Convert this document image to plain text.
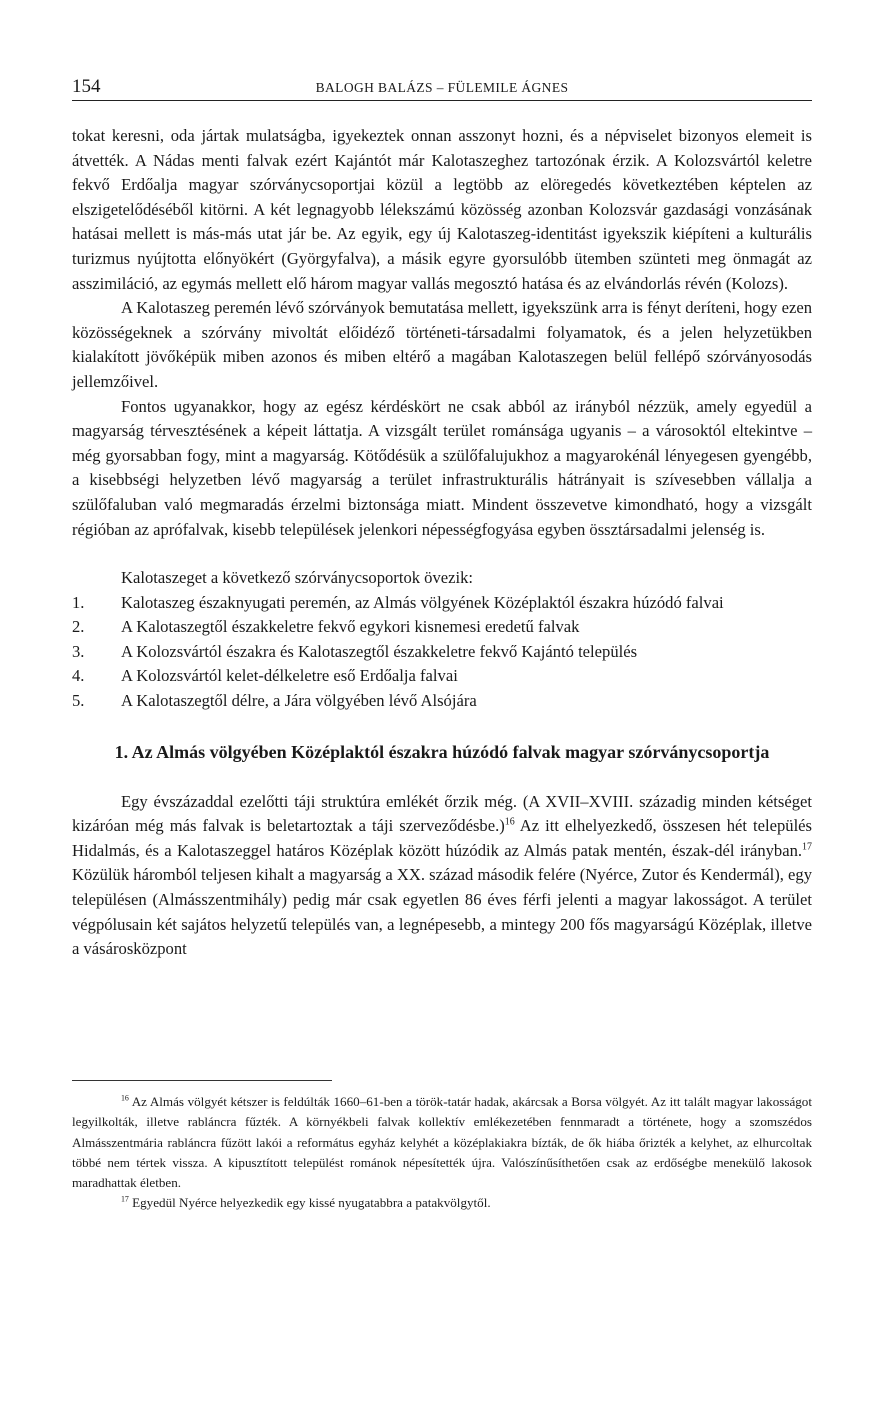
154	BALOGH BALÁZS – FÜLEMILE ÁGNES

tokat keresni, oda jártak mulatságba, igyekeztek onnan asszonyt hozni, és a népviselet bizonyos elemeit is átvették. A Nádas menti falvak ezért Kajántót már Kalotaszeghez tartozónak érzik. A Kolozsvártól keletre fekvő Erdőalja magyar szórványcsoportjai közül a legtöbb az elöregedés következtében képtelen az elszigetelődéséből kitörni. A két legnagyobb lélekszámú közösség azonban Kolozsvár gazdasági vonzásának hatásai mellett is más-más utat jár be. Az egyik, egy új Kalotaszeg-identitást igyekszik kiépíteni a kulturális turizmus nyújtotta előnyökért (Györgyfalva), a másik egyre gyorsulóbb ütemben szünteti meg önmagát az asszimiláció, az egymás mellett elő három magyar vallás megosztó hatása és az elvándorlás révén (Kolozs).

A Kalotaszeg peremén lévő szórványok bemutatása mellett, igyekszünk arra is fényt deríteni, hogy ezen közösségeknek a szórvány mivoltát előidéző történeti-társadalmi folyamatok, és a jelen helyzetükben kialakított jövőképük miben azonos és miben eltérő a magában Kalotaszegen belül fellépő szórványosodás jellemzőivel.

Fontos ugyanakkor, hogy az egész kérdéskört ne csak abból az irányból nézzük, amely egyedül a magyarság térvesztésének a képeit láttatja. A vizsgált terület románsága ugyanis – a városoktól eltekintve – még gyorsabban fogy, mint a magyarság. Kötődésük a szülőfalujukhoz a magyarokénál lényegesen gyengébb, a kisebbségi helyzetben lévő magyarság a terület infrastrukturális hátrányait is szívesebben vállalja a szülőfaluban való megmaradás érzelmi biztonsága miatt. Mindent összevetve kimondható, hogy a vizsgált régióban az aprófalvak, kisebb települések jelenkori népességfogyása egyben össztársadalmi jelenség is.

Kalotaszeget a következő szórványcsoportok övezik:

1. Kalotaszeg északnyugati peremén, az Almás völgyének Középlaktól északra húzódó falvai
2. A Kalotaszegtől északkeletre fekvő egykori kisnemesi eredetű falvak
3. A Kolozsvártól északra és Kalotaszegtől északkeletre fekvő Kajántó település
4. A Kolozsvártól kelet-délkeletre eső Erdőalja falvai
5. A Kalotaszegtől délre, a Jára völgyében lévő Alsójára
1. Az Almás völgyében Középlaktól északra húzódó falvak magyar szórványcsoportja

Egy évszázaddal ezelőtti táji struktúra emlékét őrzik még. (A XVII–XVIII. századig minden kétséget kizáróan még más falvak is beletartoztak a táji szerveződésbe.)$^{16}$ Az itt elhelyezkedő, összesen hét település Hidalmás, és a Kalotaszeggel határos Középlak között húzódik az Almás patak mentén, észak-dél irányban.$^{17}$ Közülük háromból teljesen kihalt a magyarság a XX. század második felére (Nyérce, Zutor és Kendermál), egy településen (Almásszentmihály) pedig már csak egyetlen 86 éves férfi jelenti a magyar lakosságot. A terület végpólusain két sajátos helyzetű település van, a legnépesebb, a mintegy 200 fős magyarságú Középlak, illetve a vásárosközpont

$^{16}$ Az Almás völgyét kétszer is feldúlták 1660–61-ben a török-tatár hadak, akárcsak a Borsa völgyét. Az itt talált magyar lakosságot legyilkolták, illetve rabláncra fűzték. A környékbeli falvak kollektív emlékezetében fennmaradt a története, hogy a szomszédos Almásszentmária rabláncra fűzött lakói a református egyház kelyhét a középlakiakra bízták, de ők hiába őrizték a kelyhet, az elhurcoltak többé nem tértek vissza. A kipusztított települést románok népesítették újra. Valószínűsíthetően csak az erdőségbe menekülő lakosok maradhattak életben.

$^{17}$ Egyedül Nyérce helyezkedik egy kissé nyugatabbra a patakvölgytől.
